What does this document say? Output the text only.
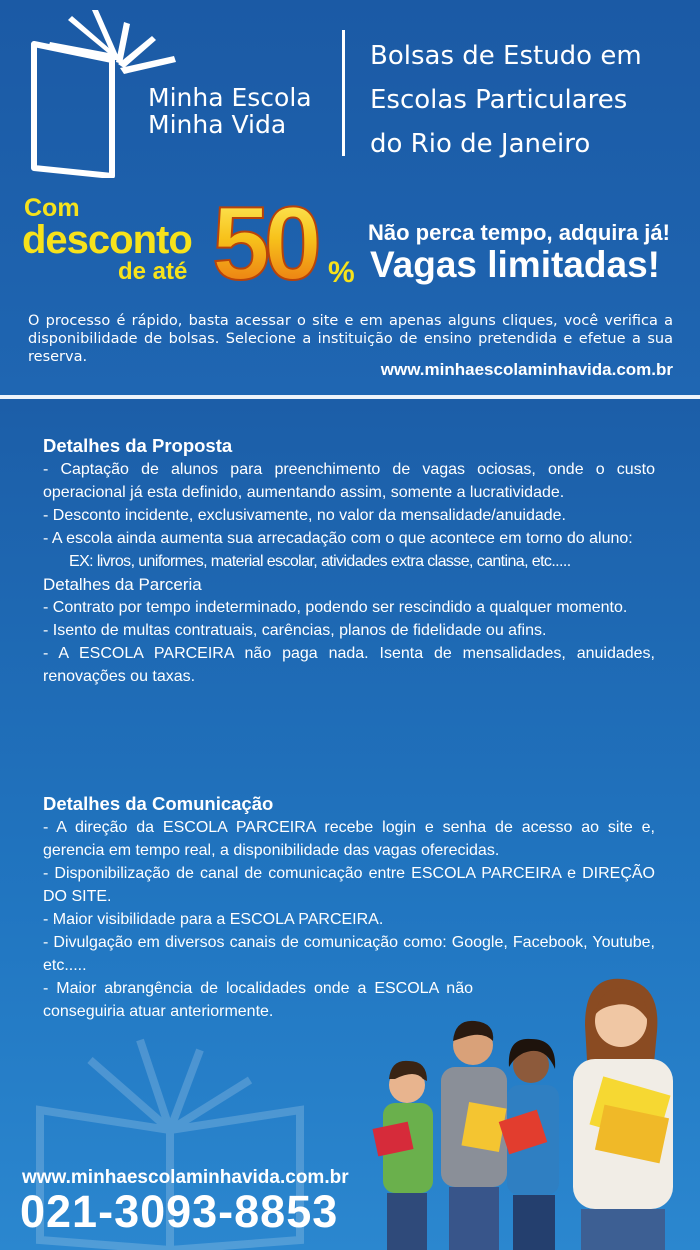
Minha Escola
Minha Vida
Bolsas de Estudo em
Escolas Particulares
do Rio de Janeiro
Com
desconto
de até 50 %
Não perca tempo, adquira já!
Vagas limitadas!
O processo é rápido, basta acessar o site e em apenas alguns cliques, você verifica a disponibilidade de bolsas. Selecione a instituição de ensino pretendida e efetue a sua reserva.
www.minhaescolaminhavida.com.br
Detalhes da Proposta

- Captação de alunos para preenchimento de vagas ociosas, onde o custo operacional já esta definido, aumentando assim, somente a lucratividade.

- Desconto incidente, exclusivamente, no valor da mensalidade/anuidade.

- A escola ainda aumenta sua arrecadação com o que acontece em torno do aluno:

EX: livros, uniformes, material escolar, atividades extra classe, cantina, etc.....

Detalhes da Parceria

- Contrato por tempo indeterminado, podendo ser rescindido a qualquer momento.

- Isento de multas contratuais, carências, planos de fidelidade ou afins.

- A ESCOLA PARCEIRA não paga nada. Isenta de mensalidades, anuidades, renovações ou taxas.

Detalhes da Comunicação

- A direção da ESCOLA PARCEIRA recebe login e senha de acesso ao site e, gerencia em tempo real, a disponibilidade das vagas oferecidas.

- Disponibilização de canal de comunicação entre ESCOLA PARCEIRA e DIREÇÃO DO SITE.

- Maior visibilidade para a ESCOLA PARCEIRA.

- Divulgação em diversos canais de comunicação como: Google, Facebook, Youtube, etc.....

- Maior abrangência de localidades onde a ESCOLA não conseguiria atuar anteriormente.

www.minhaescolaminhavida.com.br
021-3093-8853
